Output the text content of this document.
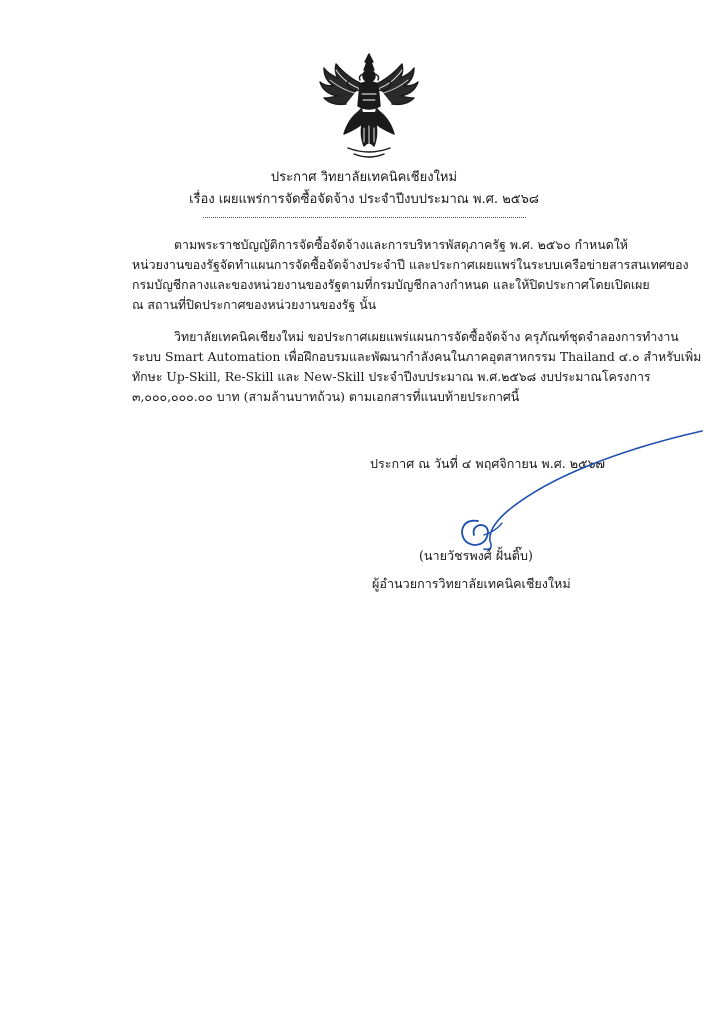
ประกาศ วิทยาลัยเทคนิคเชียงใหม่
เรื่อง เผยแพร่การจัดซื้อจัดจ้าง ประจำปีงบประมาณ พ.ศ. ๒๕๖๘
ตามพระราชบัญญัติการจัดซื้อจัดจ้างและการบริหารพัสดุภาครัฐ พ.ศ. ๒๕๖๐ กำหนดให้
หน่วยงานของรัฐจัดทำแผนการจัดซื้อจัดจ้างประจำปี และประกาศเผยแพร่ในระบบเครือข่ายสารสนเทศของ
กรมบัญชีกลางและของหน่วยงานของรัฐตามที่กรมบัญชีกลางกำหนด และให้ปิดประกาศโดยเปิดเผย
ณ สถานที่ปิดประกาศของหน่วยงานของรัฐ นั้น
วิทยาลัยเทคนิคเชียงใหม่ ขอประกาศเผยแพร่แผนการจัดซื้อจัดจ้าง ครุภัณฑ์ชุดจำลองการทำงาน
ระบบ Smart Automation เพื่อฝึกอบรมและพัฒนากำลังคนในภาคอุตสาหกรรม Thailand ๔.๐ สำหรับเพิ่ม
ทักษะ Up-Skill, Re-Skill และ New-Skill ประจำปีงบประมาณ พ.ศ.๒๕๖๘ งบประมาณโครงการ
๓,๐๐๐,๐๐๐.๐๐ บาท (สามล้านบาทถ้วน) ตามเอกสารที่แนบท้ายประกาศนี้
ประกาศ ณ วันที่ ๔ พฤศจิกายน พ.ศ. ๒๕๖๗
(นายวัชรพงศ์ ฝั้นติ๊บ)
ผู้อำนวยการวิทยาลัยเทคนิคเชียงใหม่
